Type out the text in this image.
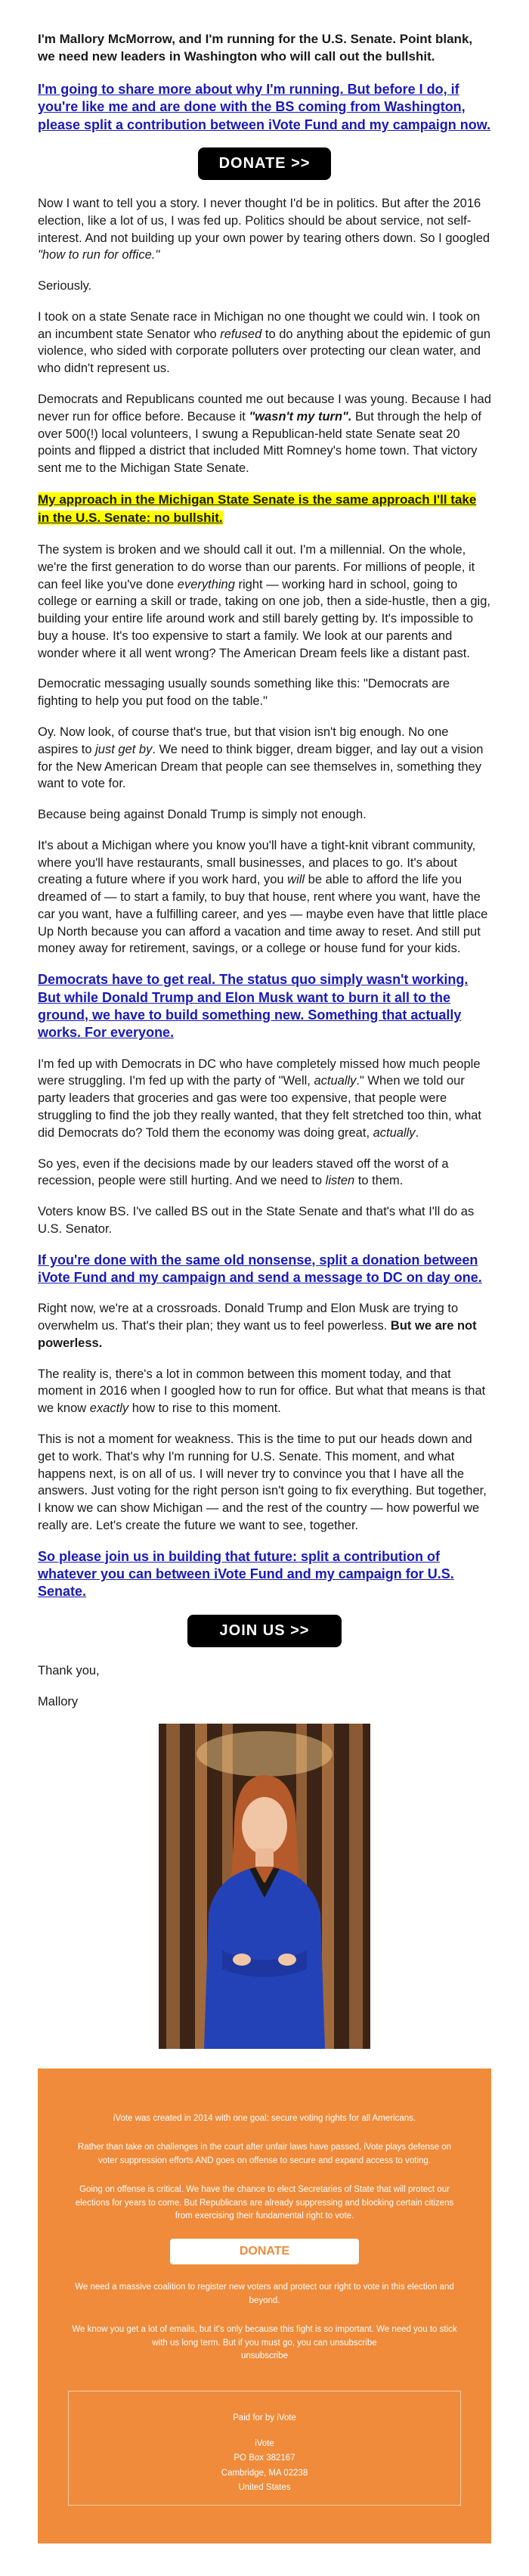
I'm Mallory McMorrow, and I'm running for the U.S. Senate. Point blank, we need new leaders in Washington who will call out the bullshit.

I'm going to share more about why I'm running. But before I do, if you're like me and are done with the BS coming from Washington, please split a contribution between iVote Fund and my campaign now.
DONATE >>

Now I want to tell you a story. I never thought I'd be in politics. But after the 2016 election, like a lot of us, I was fed up. Politics should be about service, not self-interest. And not building up your own power by tearing others down. So I googled "how to run for office."

Seriously.

I took on a state Senate race in Michigan no one thought we could win. I took on an incumbent state Senator who refused to do anything about the epidemic of gun violence, who sided with corporate polluters over protecting our clean water, and who didn't represent us.

Democrats and Republicans counted me out because I was young. Because I had never run for office before. Because it "wasn't my turn". But through the help of over 500(!) local volunteers, I swung a Republican-held state Senate seat 20 points and flipped a district that included Mitt Romney's home town. That victory sent me to the Michigan State Senate.

My approach in the Michigan State Senate is the same approach I'll take in the U.S. Senate: no bullshit.

The system is broken and we should call it out. I'm a millennial. On the whole, we're the first generation to do worse than our parents. For millions of people, it can feel like you've done everything right — working hard in school, going to college or earning a skill or trade, taking on one job, then a side-hustle, then a gig, building your entire life around work and still barely getting by. It's impossible to buy a house. It's too expensive to start a family. We look at our parents and wonder where it all went wrong? The American Dream feels like a distant past.

Democratic messaging usually sounds something like this: "Democrats are fighting to help you put food on the table."

Oy. Now look, of course that's true, but that vision isn't big enough. No one aspires to just get by. We need to think bigger, dream bigger, and lay out a vision for the New American Dream that people can see themselves in, something they want to vote for.

Because being against Donald Trump is simply not enough.

It's about a Michigan where you know you'll have a tight-knit vibrant community, where you'll have restaurants, small businesses, and places to go. It's about creating a future where if you work hard, you will be able to afford the life you dreamed of — to start a family, to buy that house, rent where you want, have the car you want, have a fulfilling career, and yes — maybe even have that little place Up North because you can afford a vacation and time away to reset. And still put money away for retirement, savings, or a college or house fund for your kids.

Democrats have to get real. The status quo simply wasn't working. But while Donald Trump and Elon Musk want to burn it all to the ground, we have to build something new. Something that actually works. For everyone.

I'm fed up with Democrats in DC who have completely missed how much people were struggling. I'm fed up with the party of "Well, actually." When we told our party leaders that groceries and gas were too expensive, that people were struggling to find the job they really wanted, that they felt stretched too thin, what did Democrats do? Told them the economy was doing great, actually.

So yes, even if the decisions made by our leaders staved off the worst of a recession, people were still hurting. And we need to listen to them.

Voters know BS. I've called BS out in the State Senate and that's what I'll do as U.S. Senator.

If you're done with the same old nonsense, split a donation between iVote Fund and my campaign and send a message to DC on day one.

Right now, we're at a crossroads. Donald Trump and Elon Musk are trying to overwhelm us. That's their plan; they want us to feel powerless. But we are not powerless.

The reality is, there's a lot in common between this moment today, and that moment in 2016 when I googled how to run for office. But what that means is that we know exactly how to rise to this moment.

This is not a moment for weakness. This is the time to put our heads down and get to work. That's why I'm running for U.S. Senate. This moment, and what happens next, is on all of us. I will never try to convince you that I have all the answers. Just voting for the right person isn't going to fix everything. But together, I know we can show Michigan — and the rest of the country — how powerful we really are. Let's create the future we want to see, together.

So please join us in building that future: split a contribution of whatever you can between iVote Fund and my campaign for U.S. Senate.
JOIN US >>

Thank you,

Mallory

iVote was created in 2014 with one goal: secure voting rights for all Americans.

Rather than take on challenges in the court after unfair laws have passed, iVote plays defense on voter suppression efforts AND goes on offense to secure and expand access to voting.

Going on offense is critical. We have the chance to elect Secretaries of State that will protect our elections for years to come. But Republicans are already suppressing and blocking certain citizens from exercising their fundamental right to vote.

DONATE

We need a massive coalition to register new voters and protect our right to vote in this election and beyond.

We know you get a lot of emails, but it's only because this fight is so important. We need you to stick with us long term. But if you must go, you can unsubscribe
unsubscribe

Paid for by iVote
iVote
PO Box 382167
Cambridge, MA 02238
United States
